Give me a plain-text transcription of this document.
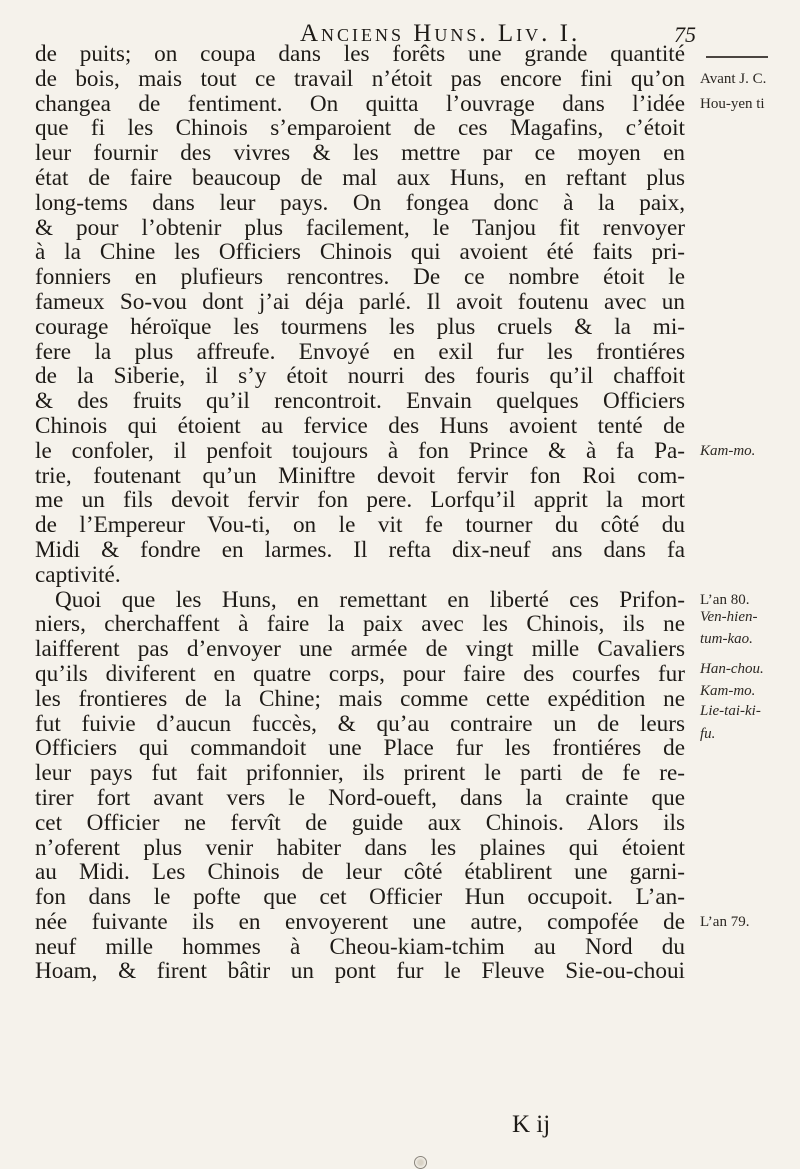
Anciens Huns. Liv. I.	75
de puits; on coupa dans les forêts une grande quantité
de bois, mais tout ce travail n’étoit pas encore fini qu’on
changea de fentiment. On quitta l’ouvrage dans l’idée
que fi les Chinois s’emparoient de ces Magafins, c’étoit
leur fournir des vivres & les mettre par ce moyen en
état de faire beaucoup de mal aux Huns, en reftant plus
long-tems dans leur pays. On fongea donc à la paix,
& pour l’obtenir plus facilement, le Tanjou fit renvoyer
à la Chine les Officiers Chinois qui avoient été faits pri-
fonniers en plufieurs rencontres. De ce nombre étoit le
fameux So-vou dont j’ai déja parlé. Il avoit foutenu avec un
courage héroïque les tourmens les plus cruels & la mi-
fere la plus affreufe. Envoyé en exil fur les frontiéres
de la Siberie, il s’y étoit nourri des fouris qu’il chaffoit
& des fruits qu’il rencontroit. Envain quelques Officiers
Chinois qui étoient au fervice des Huns avoient tenté de
le confoler, il penfoit toujours à fon Prince & à fa Pa-
trie, foutenant qu’un Miniftre devoit fervir fon Roi com-
me un fils devoit fervir fon pere. Lorfqu’il apprit la mort
de l’Empereur Vou-ti, on le vit fe tourner du côté du
Midi & fondre en larmes. Il refta dix-neuf ans dans fa
captivité.
Quoi que les Huns, en remettant en liberté ces Prifon-
niers, cherchaffent à faire la paix avec les Chinois, ils ne
laifferent pas d’envoyer une armée de vingt mille Cavaliers
qu’ils diviferent en quatre corps, pour faire des courfes fur
les frontieres de la Chine; mais comme cette expédition ne
fut fuivie d’aucun fuccès, & qu’au contraire un de leurs
Officiers qui commandoit une Place fur les frontiéres de
leur pays fut fait prifonnier, ils prirent le parti de fe re-
tirer fort avant vers le Nord-oueft, dans la crainte que
cet Officier ne fervît de guide aux Chinois. Alors ils
n’oferent plus venir habiter dans les plaines qui étoient
au Midi. Les Chinois de leur côté établirent une garni-
fon dans le pofte que cet Officier Hun occupoit. L’an-
née fuivante ils en envoyerent une autre, compofée de
neuf mille hommes à Cheou-kiam-tchim au Nord du
Hoam, & firent bâtir un pont fur le Fleuve Sie-ou-choui
Avant J. C.
Hou-yen ti
Kam-mo.
L’an 80.
Ven-hien-
tum-kao.
Han-chou.
Kam-mo.
Lie-tai-ki-
fu.
L’an 79.
K ij
